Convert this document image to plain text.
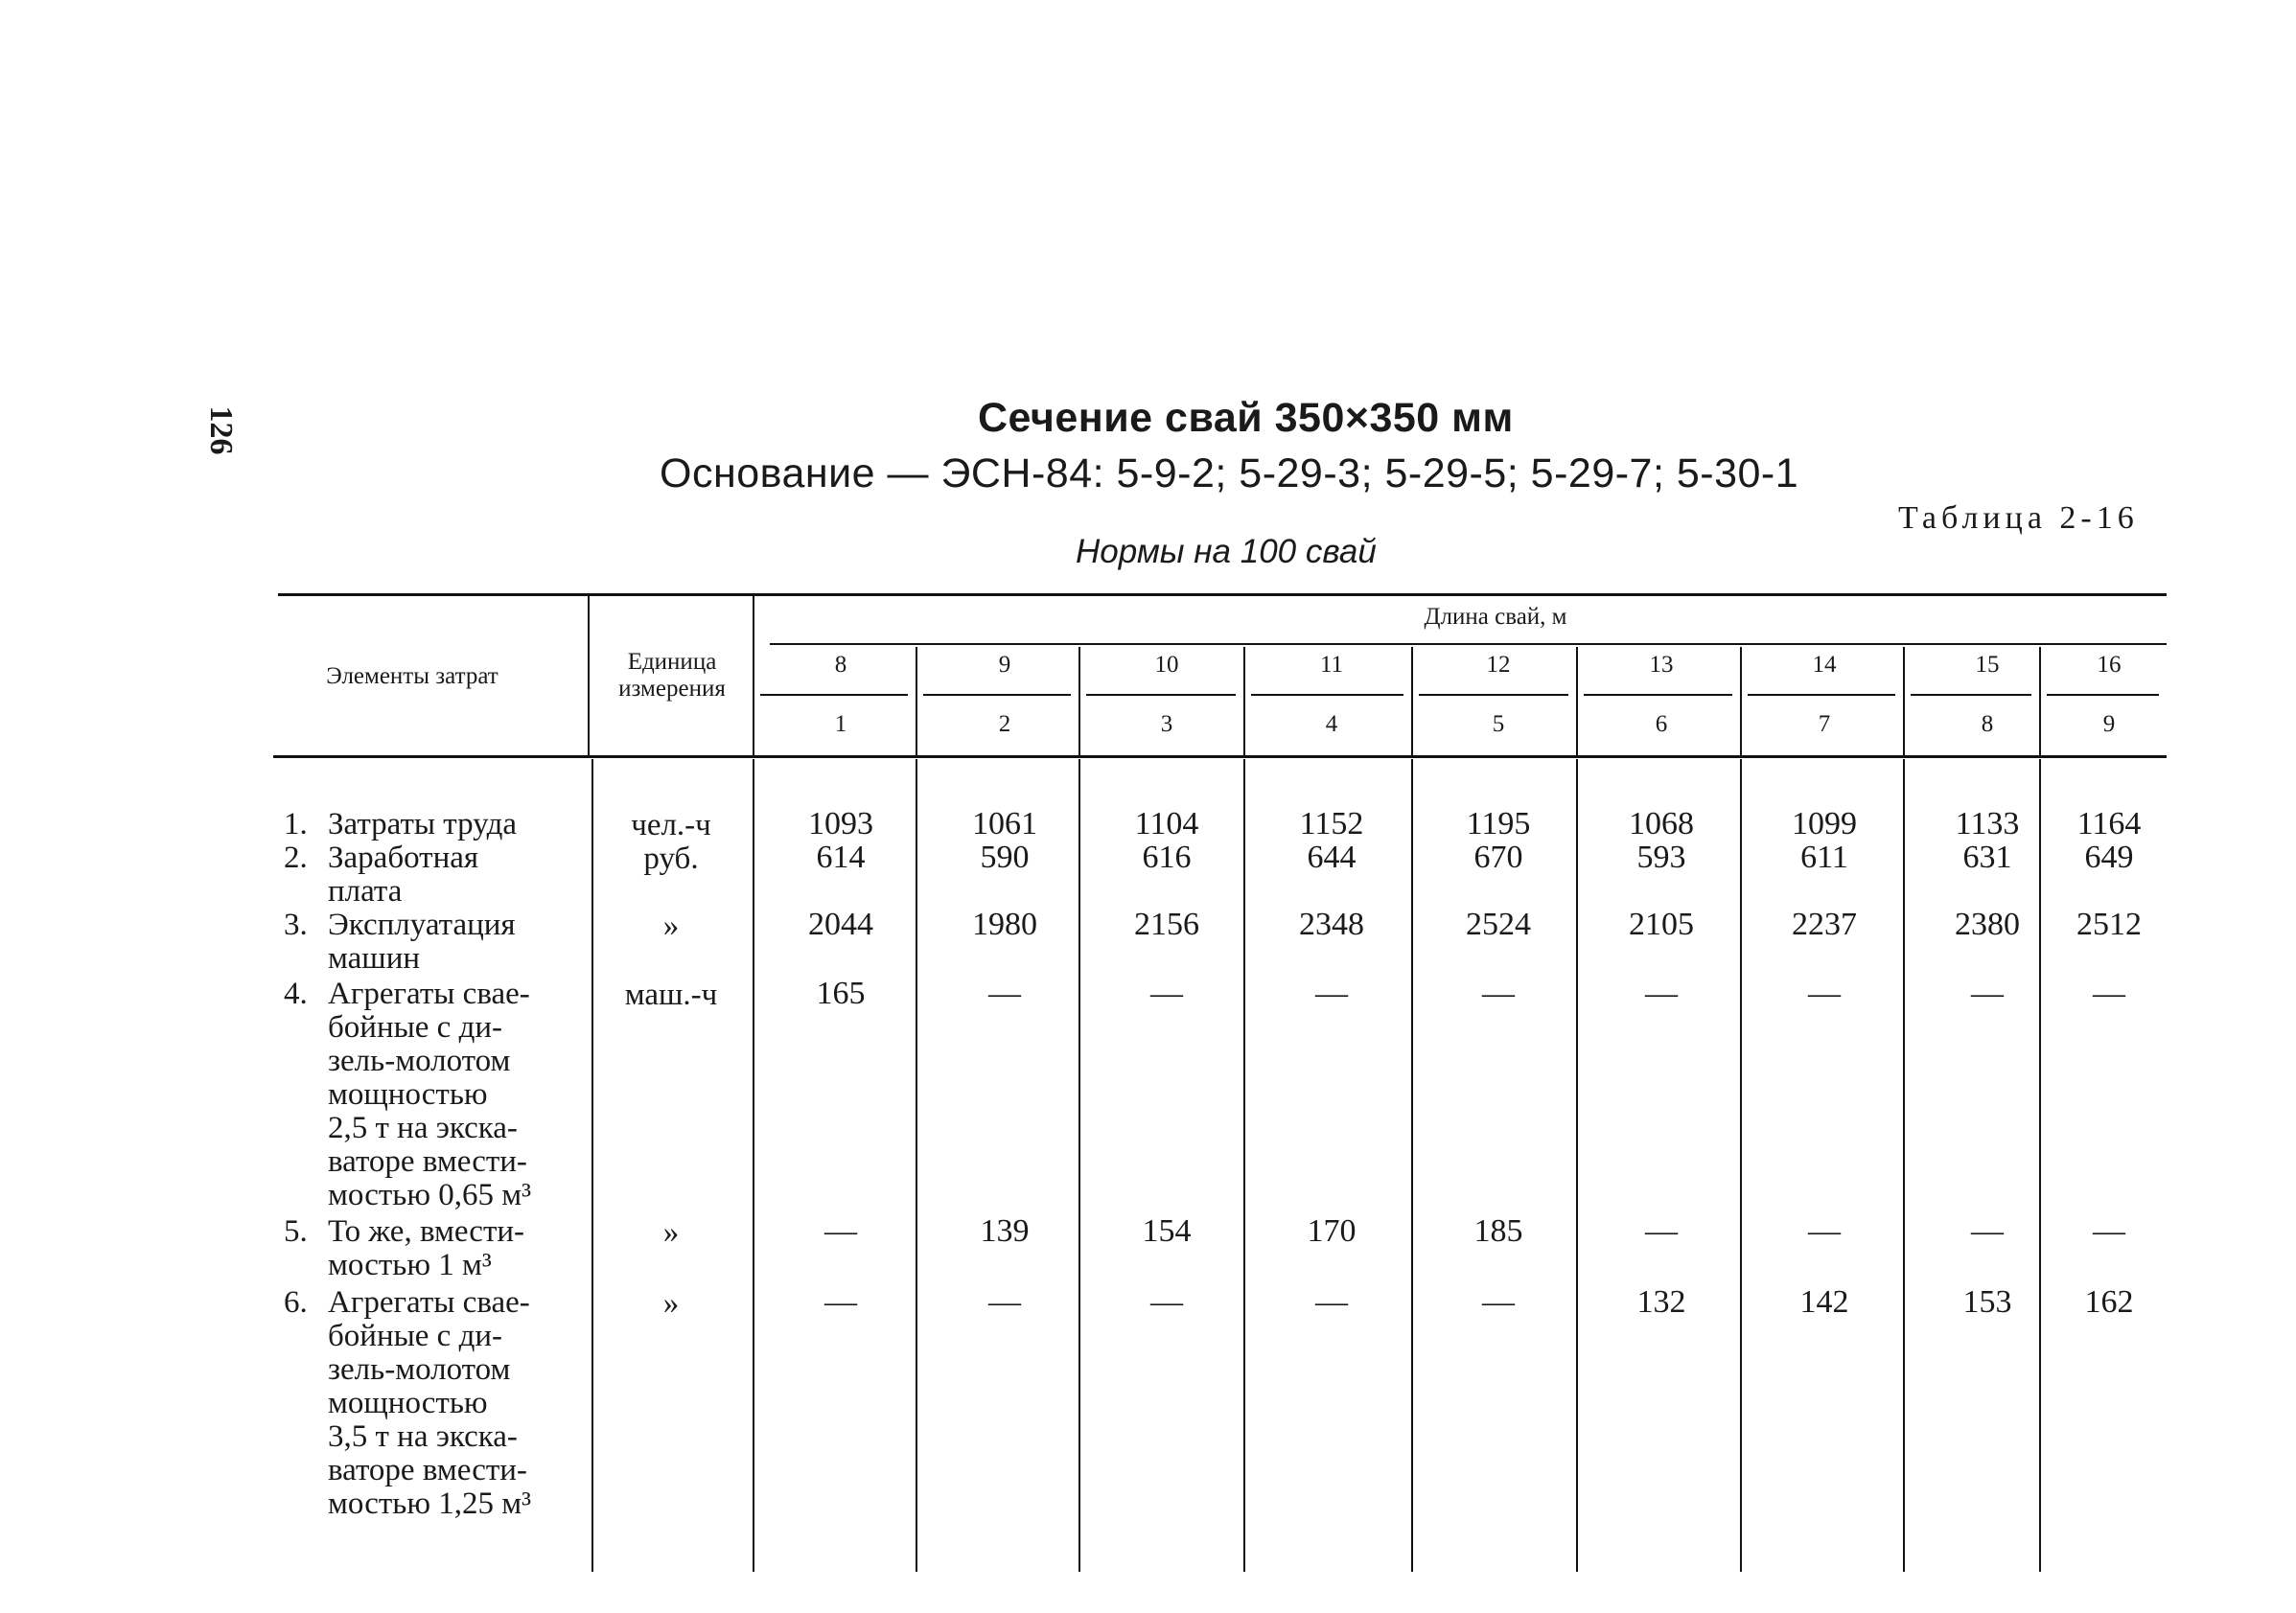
126	Сечение свай 350×350 мм
Основание — ЭСН-84: 5-9-2; 5-29-3; 5-29-5; 5-29-7; 5-30-1
Таблица 2-16
Нормы на 100 свай
Элементы затрат
Единица
измерения
Длина свай, м
8	9	10	11	12	13	14	15	16
1	2	3	4	5	6	7	8	9
1. Затраты труда	чел.-ч	1093	1061	1104	1152	1195	1068	1099	1133	1164
2. Заработная
плата
руб.	614	590	616	644	670	593	611	631	649
3. Эксплуатация
машин
»	2044	1980	2156	2348	2524	2105	2237	2380	2512
4. Агрегаты свае-
бойные с ди-
зель-молотом
мощностью
2,5 т на экска-
ваторе вмести-
мостью 0,65 м³
маш.-ч	165	—	—	—	—	—	—	—	—
5. То же, вмести-
мостью 1 м³
»	—	139	154	170	185	—	—	—	—
6. Агрегаты свае-
бойные с ди-
зель-молотом
мощностью
3,5 т на экска-
ваторе вмести-
мостью 1,25 м³
»	—	—	—	—	—	132	142	153	162
